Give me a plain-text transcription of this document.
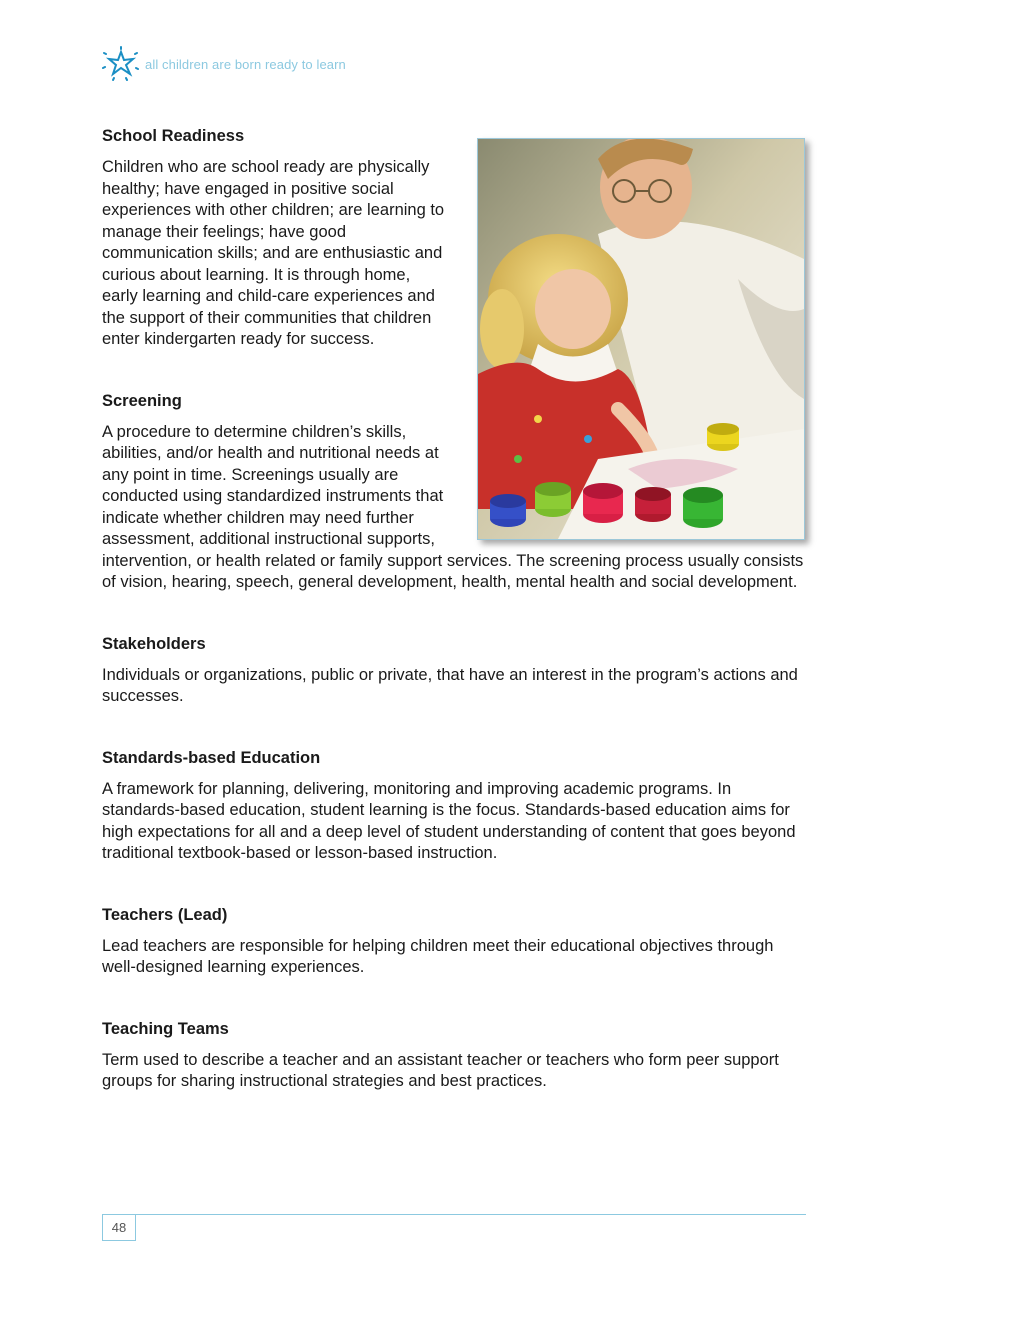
all children are born ready to learn
School Readiness

Children who are school ready are physically healthy; have engaged in positive social experiences with other children; are learning to manage their feelings; have good communication skills; and are enthusiastic and curious about learning. It is through home, early learning and child-care experiences and the support of their communities that children enter kindergarten ready for success.

Screening

A procedure to determine children’s skills, abilities, and/or health and nutritional needs at any point in time. Screenings usually are conducted using standardized instruments that indicate whether children may need further assessment, additional instructional supports, intervention, or health related or family support services. The screening process usually consists of vision, hearing, speech, general development, health, mental health and social development.

Stakeholders

Individuals or organizations, public or private, that have an interest in the program’s actions and successes.

Standards-based Education

A framework for planning, delivering, monitoring and improving academic programs. In standards-based education, student learning is the focus. Standards-based education aims for high expectations for all and a deep level of student understanding of content that goes beyond traditional textbook-based or lesson-based instruction.

Teachers (Lead)

Lead teachers are responsible for helping children meet their educational objectives through well-designed learning experiences.

Teaching Teams

Term used to describe a teacher and an assistant teacher or teachers who form peer support groups for sharing instructional strategies and best practices.

48
